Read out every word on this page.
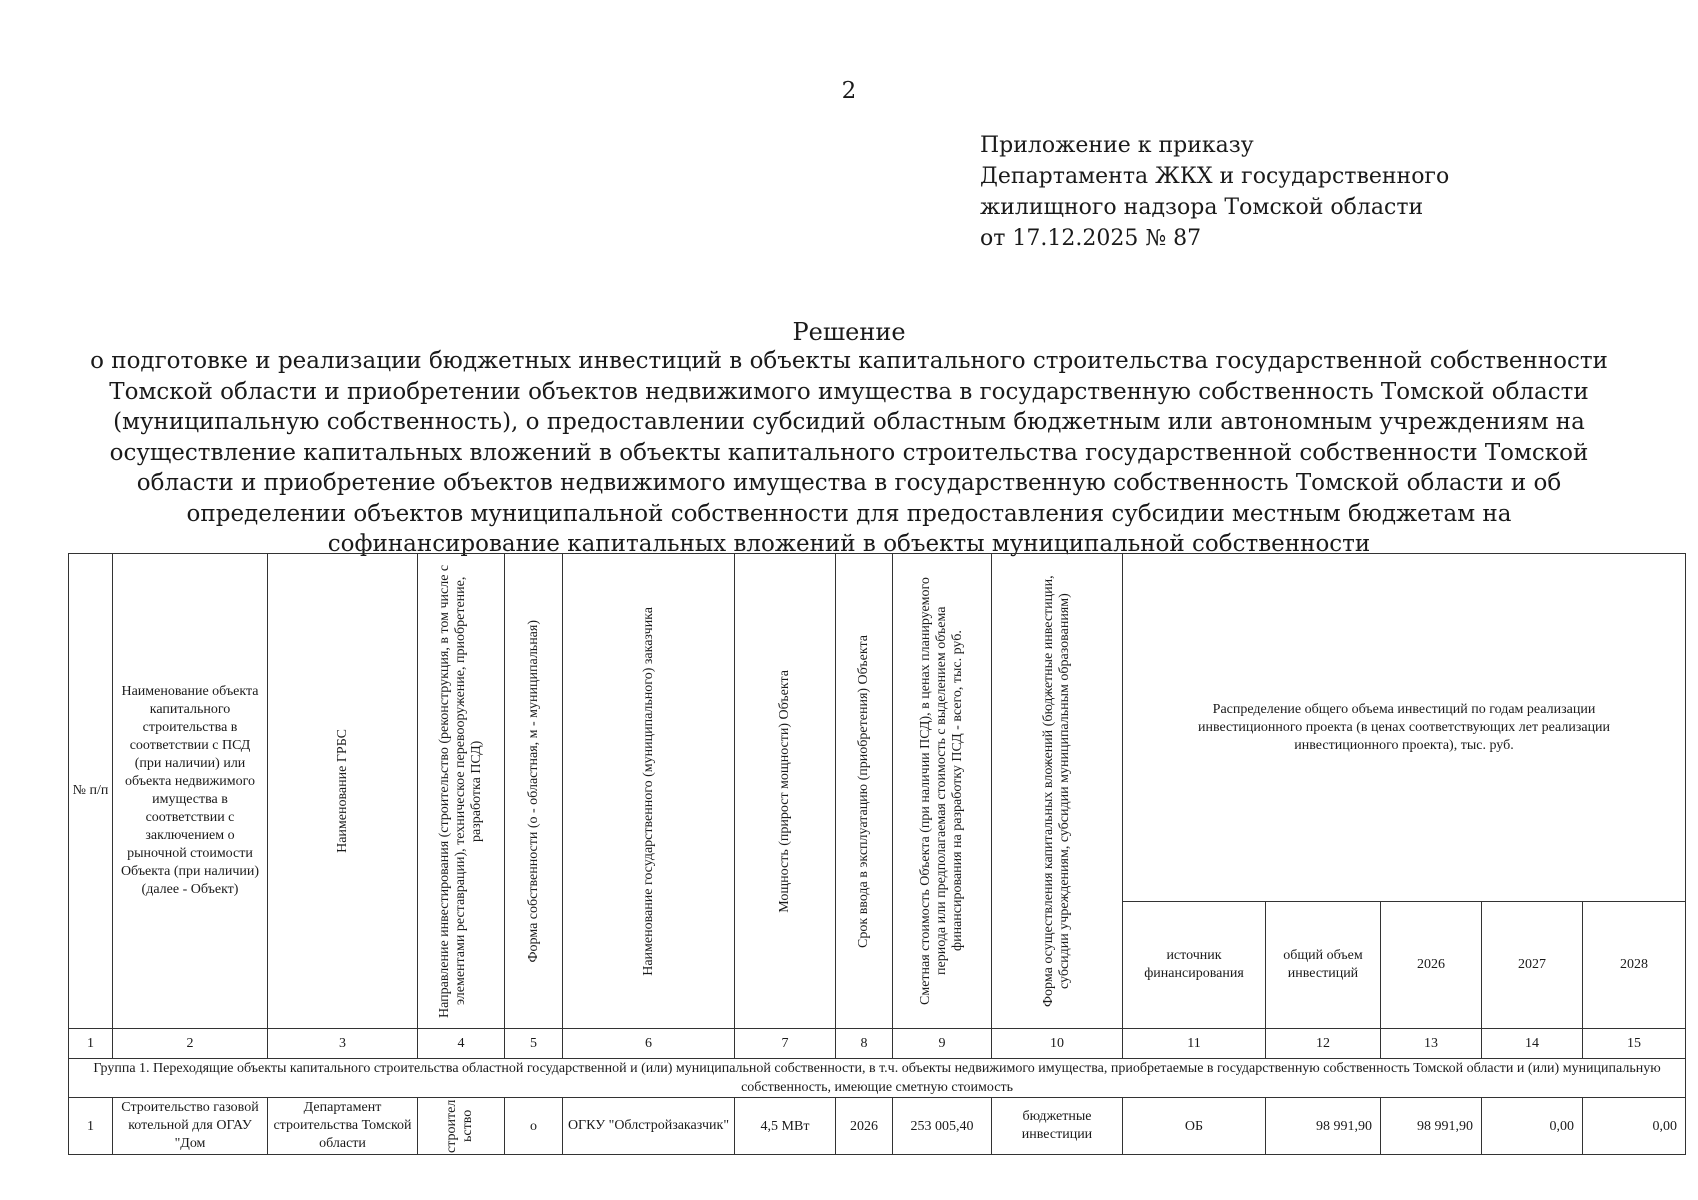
2
Приложение к приказу
Департамента ЖКХ и государственного
жилищного надзора Томской области
от 17.12.2025 № 87
Решение
о подготовке и реализации бюджетных инвестиций в объекты капитального строительства государственной собственности Томской области и приобретении объектов недвижимого имущества в государственную собственность Томской области (муниципальную собственность), о предоставлении субсидий областным бюджетным или автономным учреждениям на осуществление капитальных вложений в объекты капитального строительства государственной собственности Томской области и приобретение объектов недвижимого имущества в государственную собственность Томской области и об определении объектов муниципальной собственности для предоставления субсидии местным бюджетам на софинансирование капитальных вложений в объекты муниципальной собственности
№ п/п	Наименование объекта капитального строительства в соответствии с ПСД (при наличии) или объекта недвижимого имущества в соответствии с заключением о рыночной стоимости Объекта (при наличии) (далее - Объект)	Наименование ГРБС	Направление инвестирования (строительство (реконструкция, в том числе с элементами реставрации), техническое перевооружение, приобретение, разработка ПСД)	Форма собственности (о - областная, м - муниципальная)	Наименование государственного (муниципального) заказчика	Мощность (прирост мощности) Объекта	Срок ввода в эксплуатацию (приобретения) Объекта	Сметная стоимость Объекта (при наличии ПСД), в ценах планируемого периода или предполагаемая стоимость с выделением объема финансирования на разработку ПСД - всего, тыс. руб.	Форма осуществления капитальных вложений (бюджетные инвестиции, субсидии учреждениям, субсидии муниципальным образованиям)	Распределение общего объема инвестиций по годам реализации инвестиционного проекта (в ценах соответствующих лет реализации инвестиционного проекта), тыс. руб.				

										источник финансирования	общий объем инвестиций	2026	2027	2028

1	2	3	4	5	6	7	8	9	10	11	12	13	14	15
Группа 1. Переходящие объекты капитального строительства областной государственной и (или) муниципальной собственности, в т.ч. объекты недвижимого имущества, приобретаемые в государственную собственность Томской области и (или) муниципальную собственность, имеющие сметную стоимость														
1	Строительство газовой котельной для ОГАУ "Дом	Департамент строительства Томской области	строительство	о	ОГКУ "Облстройзаказчик"	4,5 МВт	2026	253 005,40	бюджетные инвестиции	ОБ	98 991,90	98 991,90	0,00	0,00
